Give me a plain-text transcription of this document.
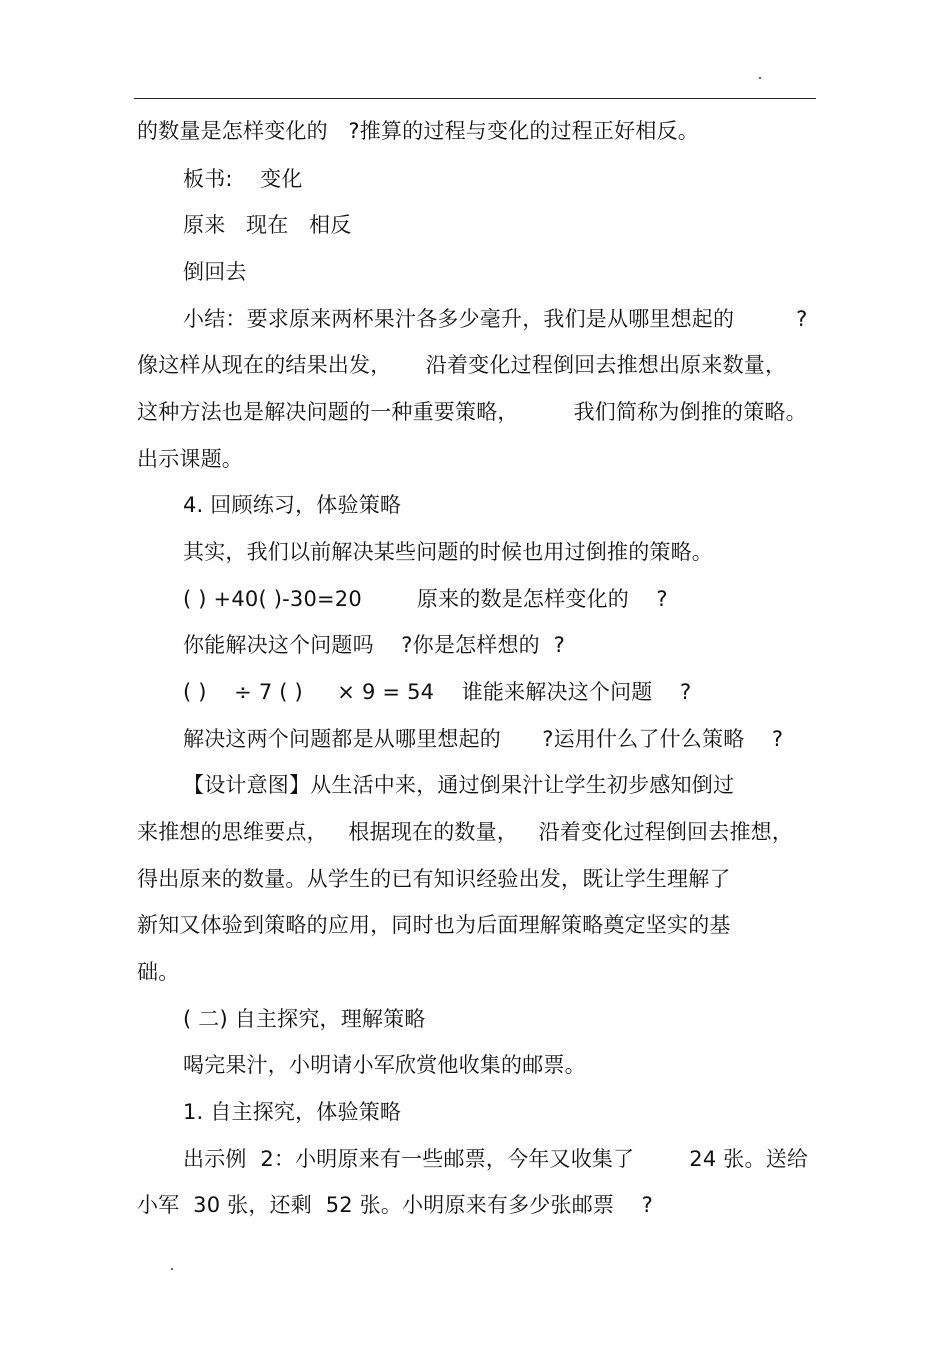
的数量是怎样变化的   ?推算的过程与变化的过程正好相反。
板书:    变化
原来   现在   相反
倒回去
小结：要求原来两杯果汁各多少毫升，我们是从哪里想起的         ?
像这样从现在的结果出发，     沿着变化过程倒回去推想出原来数量，
这种方法也是解决问题的一种重要策略，        我们简称为倒推的策略。
出示课题。
4. 回顾练习，体验策略
其实，我们以前解决某些问题的时候也用过倒推的策略。
( ) +40( )-30=20        原来的数是怎样变化的    ?
你能解决这个问题吗    ?你是怎样想的  ?
( )    ÷ 7 ( )     × 9 = 54    谁能来解决这个问题    ?
解决这两个问题都是从哪里想起的      ?运用什么了什么策略    ?
【设计意图】从生活中来，通过倒果汁让学生初步感知倒过
来推想的思维要点，   根据现在的数量，   沿着变化过程倒回去推想，
得出原来的数量。从学生的已有知识经验出发，既让学生理解了
新知又体验到策略的应用，同时也为后面理解策略奠定坚实的基
础。
( 二) 自主探究，理解策略
喝完果汁，小明请小军欣赏他收集的邮票。
1. 自主探究，体验策略
出示例  2：小明原来有一些邮票，今年又收集了        24 张。送给
小军  30 张，还剩  52 张。小明原来有多少张邮票    ?
